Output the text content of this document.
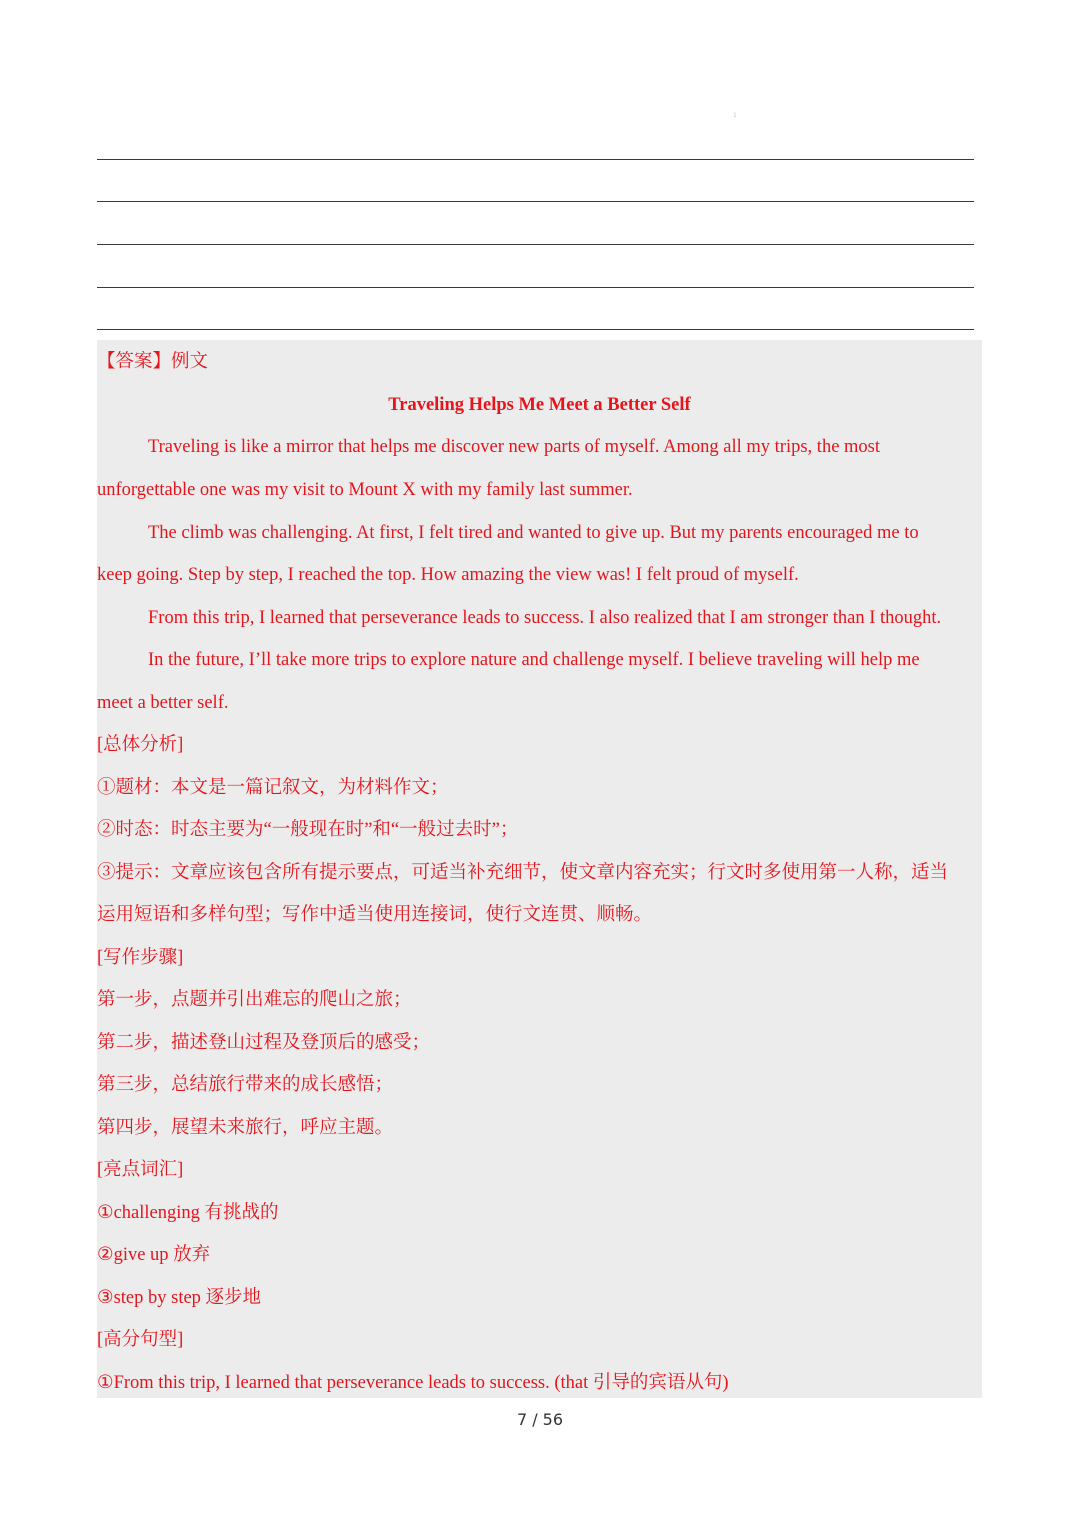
1
【答案】例文
Traveling Helps Me Meet a Better Self
Traveling is like a mirror that helps me discover new parts of myself. Among all my trips, the most
unforgettable one was my visit to Mount X with my family last summer.
The climb was challenging. At first, I felt tired and wanted to give up. But my parents encouraged me to
keep going. Step by step, I reached the top. How amazing the view was! I felt proud of myself.
From this trip, I learned that perseverance leads to success. I also realized that I am stronger than I thought.
In the future, I’ll take more trips to explore nature and challenge myself. I believe traveling will help me
meet a better self.
[总体分析]
①题材：本文是一篇记叙文，为材料作文；
②时态：时态主要为“一般现在时”和“一般过去时”；
③提示：文章应该包含所有提示要点，可适当补充细节，使文章内容充实；行文时多使用第一人称，适当
运用短语和多样句型；写作中适当使用连接词，使行文连贯、顺畅。
[写作步骤]
第一步，点题并引出难忘的爬山之旅；
第二步，描述登山过程及登顶后的感受；
第三步，总结旅行带来的成长感悟；
第四步，展望未来旅行，呼应主题。
[亮点词汇]
①challenging 有挑战的
②give up 放弃
③step by step 逐步地
[高分句型]
①From this trip, I learned that perseverance leads to success. (that 引导的宾语从句)
7 / 56
